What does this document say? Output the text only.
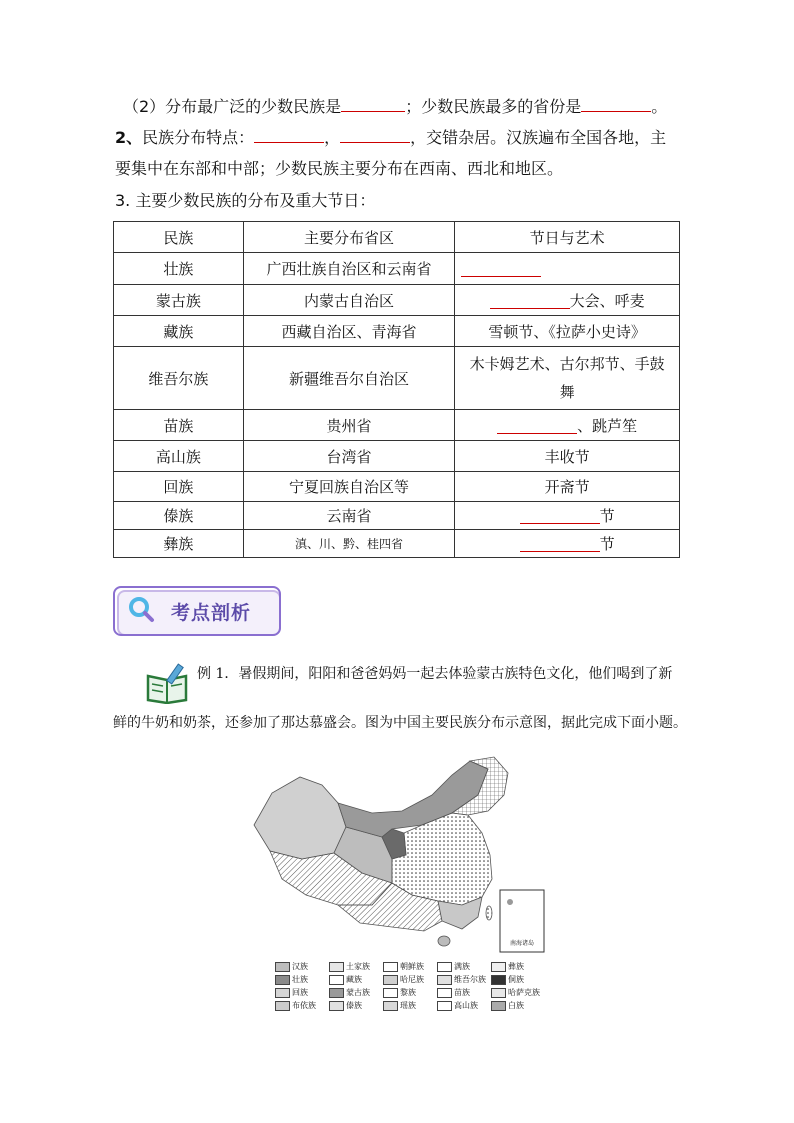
（2）分布最广泛的少数民族是	；少数民族最多的省份是	。
2、民族分布特点：	，	，交错杂居。汉族遍布全国各地，主
要集中在东部和中部；少数民族主要分布在西南、西北和地区。
3. 主要少数民族的分布及重大节日：
民族	主要分布省区	节日与艺术
壮族	广西壮族自治区和云南省	
蒙古族	内蒙古自治区	大会、呼麦
藏族	西藏自治区、青海省	雪顿节、《拉萨小史诗》
维吾尔族	新疆维吾尔自治区	木卡姆艺术、古尔邦节、手鼓
舞
苗族	贵州省	、跳芦笙
高山族	台湾省	丰收节
回族	宁夏回族自治区等	开斋节
傣族	云南省	节
彝族	滇、川、黔、桂四省	节
考点剖析
例 1．暑假期间，阳阳和爸爸妈妈一起去体验蒙古族特色文化，他们喝到了新
鲜的牛奶和奶茶，还参加了那达慕盛会。图为中国主要民族分布示意图，据此完成下面小题。
南海诸岛
汉族	土家族	朝鲜族	满族	彝族
壮族	藏族	哈尼族	维吾尔族	侗族
回族	蒙古族	黎族	苗族	哈萨克族
布依族	傣族	瑶族	高山族	白族
